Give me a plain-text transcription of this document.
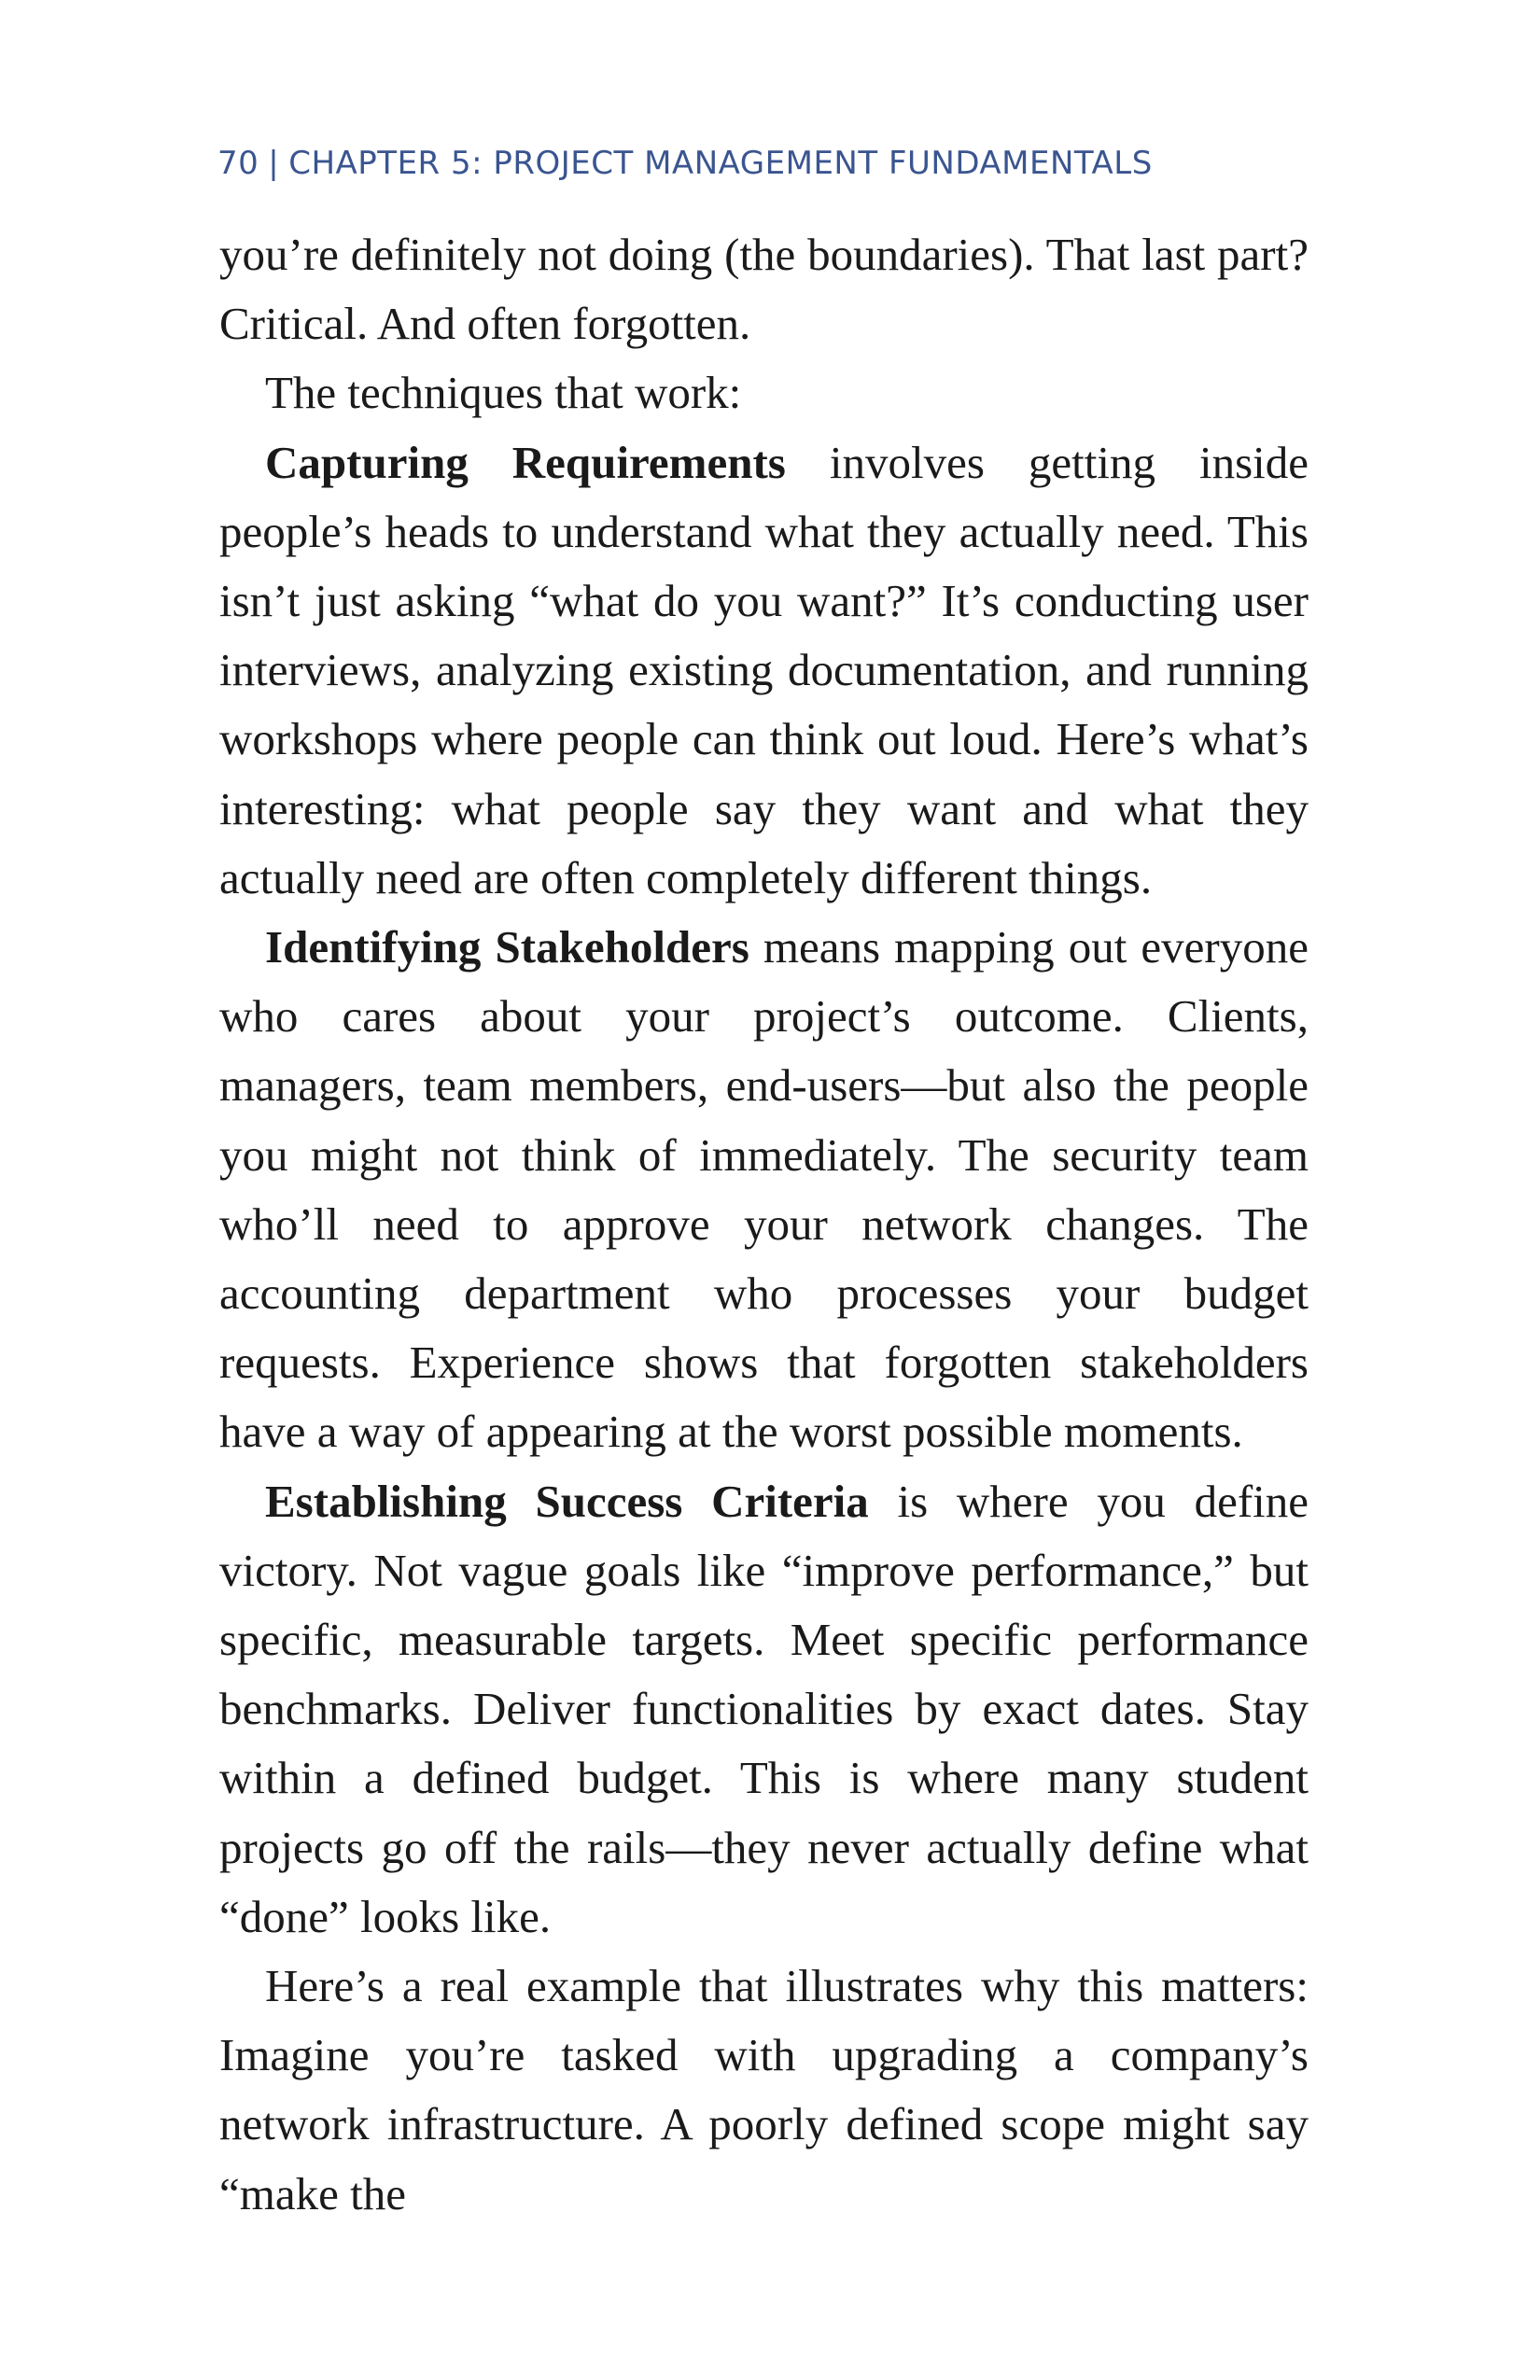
70 | CHAPTER 5: PROJECT MANAGEMENT FUNDAMENTALS

you’re definitely not doing (the boundaries). That last part? Critical. And often forgotten.

The techniques that work:

Capturing Requirements involves getting inside people’s heads to understand what they actually need. This isn’t just asking “what do you want?” It’s conducting user interviews, analyzing existing documentation, and running workshops where people can think out loud. Here’s what’s interesting: what people say they want and what they actually need are often completely different things.

Identifying Stakeholders means mapping out everyone who cares about your project’s outcome. Clients, managers, team members, end-users—but also the people you might not think of immediately. The security team who’ll need to approve your network changes. The accounting department who processes your budget requests. Experience shows that forgotten stakeholders have a way of appearing at the worst possible moments.

Establishing Success Criteria is where you define victory. Not vague goals like “improve performance,” but specific, measurable targets. Meet specific performance benchmarks. Deliver functionalities by exact dates. Stay within a defined budget. This is where many student projects go off the rails—they never actually define what “done” looks like.

Here’s a real example that illustrates why this matters: Imagine you’re tasked with upgrading a company’s network infrastructure. A poorly defined scope might say “make the
